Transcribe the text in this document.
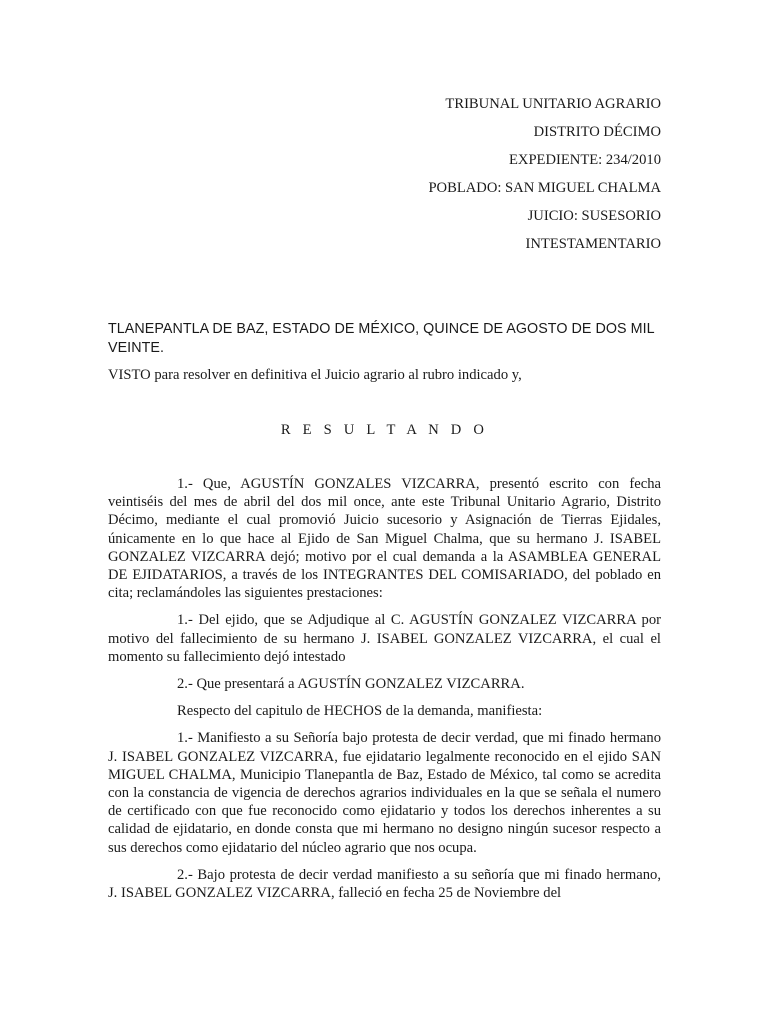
TRIBUNAL UNITARIO AGRARIO
DISTRITO DÉCIMO
EXPEDIENTE: 234/2010
POBLADO: SAN MIGUEL CHALMA
JUICIO: SUSESORIO
INTESTAMENTARIO
TLANEPANTLA DE BAZ, ESTADO DE MÉXICO, QUINCE DE AGOSTO DE DOS MIL VEINTE.
VISTO para resolver en definitiva el Juicio agrario al rubro indicado y,
R E S U L T A N D O

1.- Que, AGUSTÍN GONZALES VIZCARRA, presentó escrito con fecha veintiséis del mes de abril del dos mil once, ante este Tribunal Unitario Agrario, Distrito Décimo, mediante el cual promovió Juicio sucesorio y Asignación de Tierras Ejidales, únicamente en lo que hace al Ejido de San Miguel Chalma, que su hermano J. ISABEL GONZALEZ VIZCARRA dejó; motivo por el cual demanda a la ASAMBLEA GENERAL DE EJIDATARIOS, a través de los INTEGRANTES DEL COMISARIADO, del poblado en cita; reclamándoles las siguientes prestaciones:

1.- Del ejido, que se Adjudique al C. AGUSTÍN GONZALEZ VIZCARRA por motivo del fallecimiento de su hermano J. ISABEL GONZALEZ VIZCARRA, el cual el momento su fallecimiento dejó intestado

2.- Que presentará a AGUSTÍN GONZALEZ VIZCARRA.

Respecto del capitulo de HECHOS de la demanda, manifiesta:

1.- Manifiesto a su Señoría bajo protesta de decir verdad, que mi finado hermano J. ISABEL GONZALEZ VIZCARRA, fue ejidatario legalmente reconocido en el ejido SAN MIGUEL CHALMA, Municipio Tlanepantla de Baz, Estado de México, tal como se acredita con la constancia de vigencia de derechos agrarios individuales en la que se señala el numero de certificado con que fue reconocido como ejidatario y todos los derechos inherentes a su calidad de ejidatario, en donde consta que mi hermano no designo ningún sucesor respecto a sus derechos como ejidatario del núcleo agrario que nos ocupa.

2.- Bajo protesta de decir verdad manifiesto a su señoría que mi finado hermano, J. ISABEL GONZALEZ VIZCARRA, falleció en fecha 25 de Noviembre del
